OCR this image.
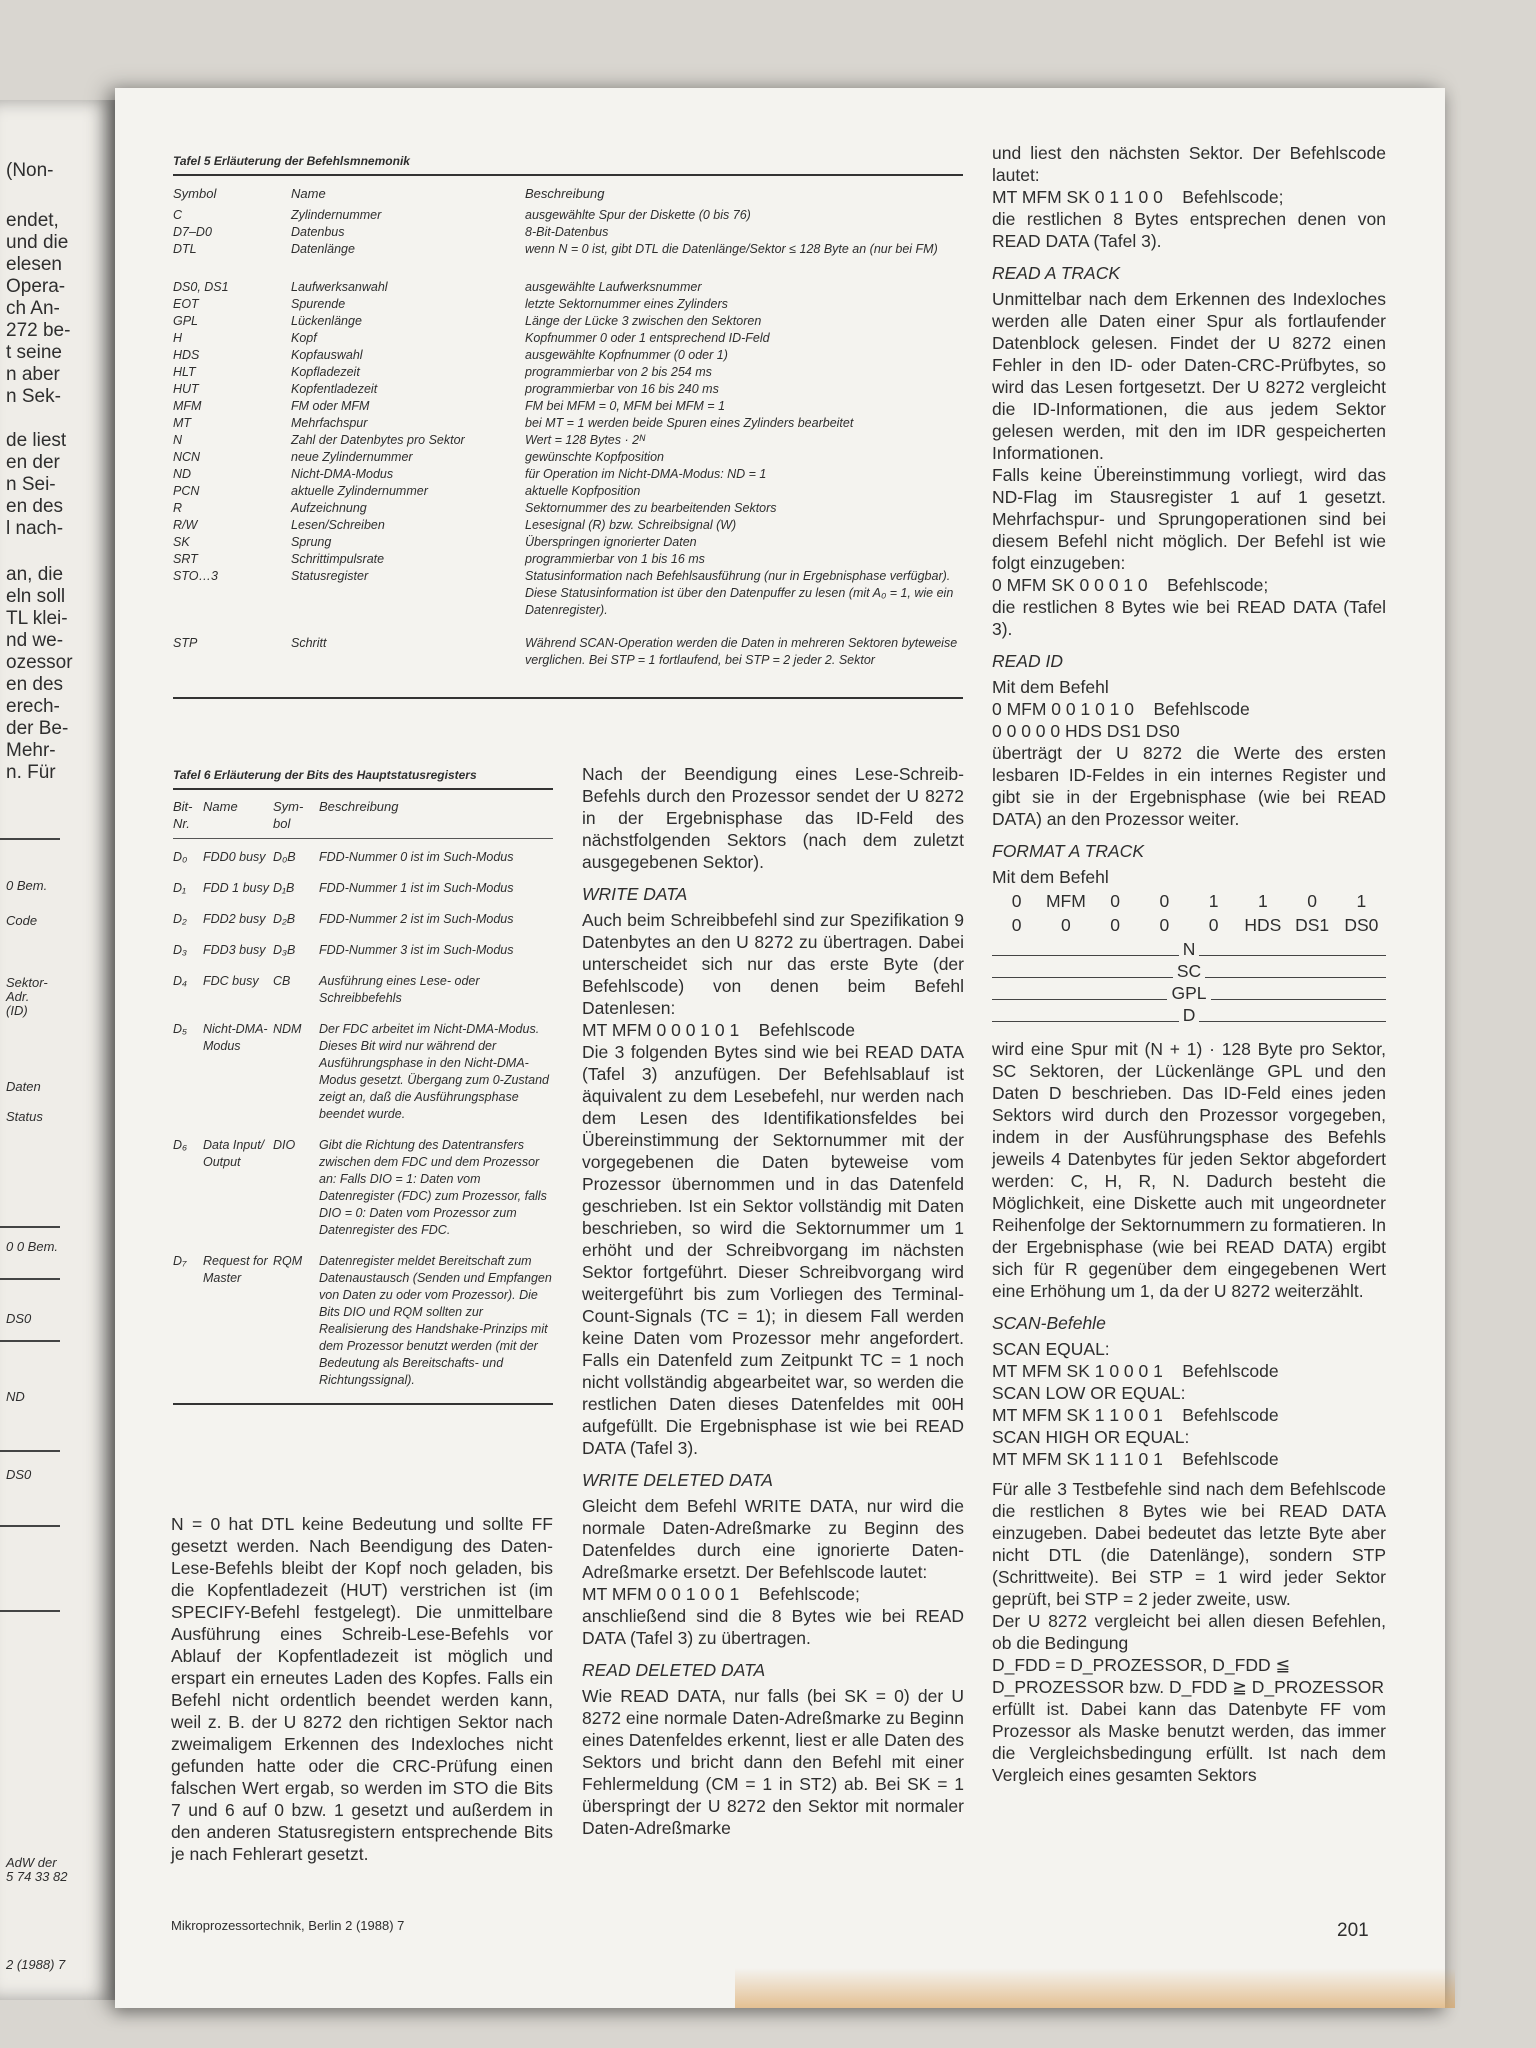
(Non-
endet,
und die
elesen
Opera-
ch An-
272 be-
t seine
n aber
n Sek-
de liest
en der
n Sei-
en des
l nach-
an, die
eln soll
TL klei-
nd we-
ozessor
en des
erech-
der Be-
Mehr-
n. Für
0 Bem.
Code
Sektor-
Adr.
(ID)
Daten
Status
0 0 Bem.
DS0
ND
DS0
AdW der
5 74 33 82
2 (1988) 7
Tafel 5 Erläuterung der Befehlsmnemonik
Symbol	Name	Beschreibung
C	Zylindernummer	ausgewählte Spur der Diskette (0 bis 76)
D7–D0	Datenbus	8-Bit-Datenbus
DTL	Datenlänge	wenn N = 0 ist, gibt DTL die Datenlänge/Sektor ≤ 128 Byte an (nur bei FM)
DS0, DS1	Laufwerksanwahl	ausgewählte Laufwerksnummer
EOT	Spurende	letzte Sektornummer eines Zylinders
GPL	Lückenlänge	Länge der Lücke 3 zwischen den Sektoren
H	Kopf	Kopfnummer 0 oder 1 entsprechend ID-Feld
HDS	Kopfauswahl	ausgewählte Kopfnummer (0 oder 1)
HLT	Kopfladezeit	programmierbar von 2 bis 254 ms
HUT	Kopfentladezeit	programmierbar von 16 bis 240 ms
MFM	FM oder MFM	FM bei MFM = 0, MFM bei MFM = 1
MT	Mehrfachspur	bei MT = 1 werden beide Spuren eines Zylinders bearbeitet
N	Zahl der Datenbytes pro Sektor	Wert = 128 Bytes · 2ᴺ
NCN	neue Zylindernummer	gewünschte Kopfposition
ND	Nicht-DMA-Modus	für Operation im Nicht-DMA-Modus: ND = 1
PCN	aktuelle Zylindernummer	aktuelle Kopfposition
R	Aufzeichnung	Sektornummer des zu bearbeitenden Sektors
R/W	Lesen/Schreiben	Lesesignal (R) bzw. Schreibsignal (W)
SK	Sprung	Überspringen ignorierter Daten
SRT	Schrittimpulsrate	programmierbar von 1 bis 16 ms
STO…3	Statusregister	Statusinformation nach Befehlsausführung (nur in Ergebnisphase verfügbar). Diese Statusinformation ist über den Datenpuffer zu lesen (mit A₀ = 1, wie ein Datenregister).
STP	Schritt	Während SCAN-Operation werden die Daten in mehreren Sektoren byteweise verglichen. Bei STP = 1 fortlaufend, bei STP = 2 jeder 2. Sektor
Tafel 6 Erläuterung der Bits des Hauptstatusregisters
Bit-Nr.	Name	Sym-bol	Beschreibung

D₀	FDD0 busy	D₀B	FDD-Nummer 0 ist im Such-Modus
D₁	FDD 1 busy	D₁B	FDD-Nummer 1 ist im Such-Modus
D₂	FDD2 busy	D₂B	FDD-Nummer 2 ist im Such-Modus
D₃	FDD3 busy	D₃B	FDD-Nummer 3 ist im Such-Modus
D₄	FDC busy	CB	Ausführung eines Lese- oder Schreibbefehls
D₅	Nicht-DMA-Modus	NDM	Der FDC arbeitet im Nicht-DMA-Modus. Dieses Bit wird nur während der Ausführungsphase in den Nicht-DMA-Modus gesetzt. Übergang zum 0-Zustand zeigt an, daß die Ausführungsphase beendet wurde.
D₆	Data Input/ Output	DIO	Gibt die Richtung des Datentransfers zwischen dem FDC und dem Prozessor an: Falls DIO = 1: Daten vom Datenregister (FDC) zum Prozessor, falls DIO = 0: Daten vom Prozessor zum Datenregister des FDC.
D₇	Request for Master	RQM	Datenregister meldet Bereitschaft zum Datenaustausch (Senden und Empfangen von Daten zu oder vom Prozessor). Die Bits DIO und RQM sollten zur Realisierung des Handshake-Prinzips mit dem Prozessor benutzt werden (mit der Bedeutung als Bereitschafts- und Richtungssignal).

N = 0 hat DTL keine Bedeutung und sollte FF gesetzt werden. Nach Beendigung des Daten-Lese-Befehls bleibt der Kopf noch geladen, bis die Kopfentladezeit (HUT) verstrichen ist (im SPECIFY-Befehl festgelegt). Die unmittelbare Ausführung eines Schreib-Lese-Befehls vor Ablauf der Kopfentladezeit ist möglich und erspart ein erneutes Laden des Kopfes. Falls ein Befehl nicht ordentlich beendet werden kann, weil z. B. der U 8272 den richtigen Sektor nach zweimaligem Erkennen des Indexloches nicht gefunden hatte oder die CRC-Prüfung einen falschen Wert ergab, so werden im STO die Bits 7 und 6 auf 0 bzw. 1 gesetzt und außerdem in den anderen Statusregistern entsprechende Bits je nach Fehlerart gesetzt.

Nach der Beendigung eines Lese-Schreib-Befehls durch den Prozessor sendet der U 8272 in der Ergebnisphase das ID-Feld des nächstfolgenden Sektors (nach dem zuletzt ausgegebenen Sektor).

WRITE DATA

Auch beim Schreibbefehl sind zur Spezifikation 9 Datenbytes an den U 8272 zu übertragen. Dabei unterscheidet sich nur das erste Byte (der Befehlscode) von denen beim Befehl Datenlesen:

MT MFM 0 0 0 1 0 1    Befehlscode

Die 3 folgenden Bytes sind wie bei READ DATA (Tafel 3) anzufügen. Der Befehlsablauf ist äquivalent zu dem Lesebefehl, nur werden nach dem Lesen des Identifikationsfeldes bei Übereinstimmung der Sektornummer mit der vorgegebenen die Daten byteweise vom Prozessor übernommen und in das Datenfeld geschrieben. Ist ein Sektor vollständig mit Daten beschrieben, so wird die Sektornummer um 1 erhöht und der Schreibvorgang im nächsten Sektor fortgeführt. Dieser Schreibvorgang wird weitergeführt bis zum Vorliegen des Terminal-Count-Signals (TC = 1); in diesem Fall werden keine Daten vom Prozessor mehr angefordert. Falls ein Datenfeld zum Zeitpunkt TC = 1 noch nicht vollständig abgearbeitet war, so werden die restlichen Daten dieses Datenfeldes mit 00H aufgefüllt. Die Ergebnisphase ist wie bei READ DATA (Tafel 3).

WRITE DELETED DATA

Gleicht dem Befehl WRITE DATA, nur wird die normale Daten-Adreßmarke zu Beginn des Datenfeldes durch eine ignorierte Daten-Adreßmarke ersetzt. Der Befehlscode lautet:

MT MFM 0 0 1 0 0 1    Befehlscode;

anschließend sind die 8 Bytes wie bei READ DATA (Tafel 3) zu übertragen.

READ DELETED DATA

Wie READ DATA, nur falls (bei SK = 0) der U 8272 eine normale Daten-Adreßmarke zu Beginn eines Datenfeldes erkennt, liest er alle Daten des Sektors und bricht dann den Befehl mit einer Fehlermeldung (CM = 1 in ST2) ab. Bei SK = 1 überspringt der U 8272 den Sektor mit normaler Daten-Adreßmarke

und liest den nächsten Sektor. Der Befehlscode lautet:

MT MFM SK 0 1 1 0 0    Befehlscode;

die restlichen 8 Bytes entsprechen denen von READ DATA (Tafel 3).

READ A TRACK

Unmittelbar nach dem Erkennen des Indexloches werden alle Daten einer Spur als fortlaufender Datenblock gelesen. Findet der U 8272 einen Fehler in den ID- oder Daten-CRC-Prüfbytes, so wird das Lesen fortgesetzt. Der U 8272 vergleicht die ID-Informationen, die aus jedem Sektor gelesen werden, mit den im IDR gespeicherten Informationen.

Falls keine Übereinstimmung vorliegt, wird das ND-Flag im Stausregister 1 auf 1 gesetzt. Mehrfachspur- und Sprungoperationen sind bei diesem Befehl nicht möglich. Der Befehl ist wie folgt einzugeben:

0 MFM SK 0 0 0 1 0    Befehlscode;

die restlichen 8 Bytes wie bei READ DATA (Tafel 3).

READ ID

Mit dem Befehl

0 MFM 0 0 1 0 1 0    Befehlscode

0 0 0 0 0 HDS DS1 DS0

überträgt der U 8272 die Werte des ersten lesbaren ID-Feldes in ein internes Register und gibt sie in der Ergebnisphase (wie bei READ DATA) an den Prozessor weiter.

FORMAT A TRACK

Mit dem Befehl

0	MFM	0	0	1	1	0	1
0	0	0	0	0	HDS DS1 DS0
N
SC
GPL
D

wird eine Spur mit (N + 1) · 128 Byte pro Sektor, SC Sektoren, der Lückenlänge GPL und den Daten D beschrieben. Das ID-Feld eines jeden Sektors wird durch den Prozessor vorgegeben, indem in der Ausführungsphase des Befehls jeweils 4 Datenbytes für jeden Sektor abgefordert werden: C, H, R, N. Dadurch besteht die Möglichkeit, eine Diskette auch mit ungeordneter Reihenfolge der Sektornummern zu formatieren. In der Ergebnisphase (wie bei READ DATA) ergibt sich für R gegenüber dem eingegebenen Wert eine Erhöhung um 1, da der U 8272 weiterzählt.

SCAN-Befehle
SCAN EQUAL:
MT MFM SK 1 0 0 0 1    Befehlscode
SCAN LOW OR EQUAL:
MT MFM SK 1 1 0 0 1    Befehlscode
SCAN HIGH OR EQUAL:
MT MFM SK 1 1 1 0 1    Befehlscode

Für alle 3 Testbefehle sind nach dem Befehlscode die restlichen 8 Bytes wie bei READ DATA einzugeben. Dabei bedeutet das letzte Byte aber nicht DTL (die Datenlänge), sondern STP (Schrittweite). Bei STP = 1 wird jeder Sektor geprüft, bei STP = 2 jeder zweite, usw.

Der U 8272 vergleicht bei allen diesen Befehlen, ob die Bedingung

D_FDD = D_PROZESSOR, D_FDD ≦ D_PROZESSOR bzw. D_FDD ≧ D_PROZESSOR

erfüllt ist. Dabei kann das Datenbyte FF vom Prozessor als Maske benutzt werden, das immer die Vergleichsbedingung erfüllt. Ist nach dem Vergleich eines gesamten Sektors

Mikroprozessortechnik, Berlin 2 (1988) 7	201
